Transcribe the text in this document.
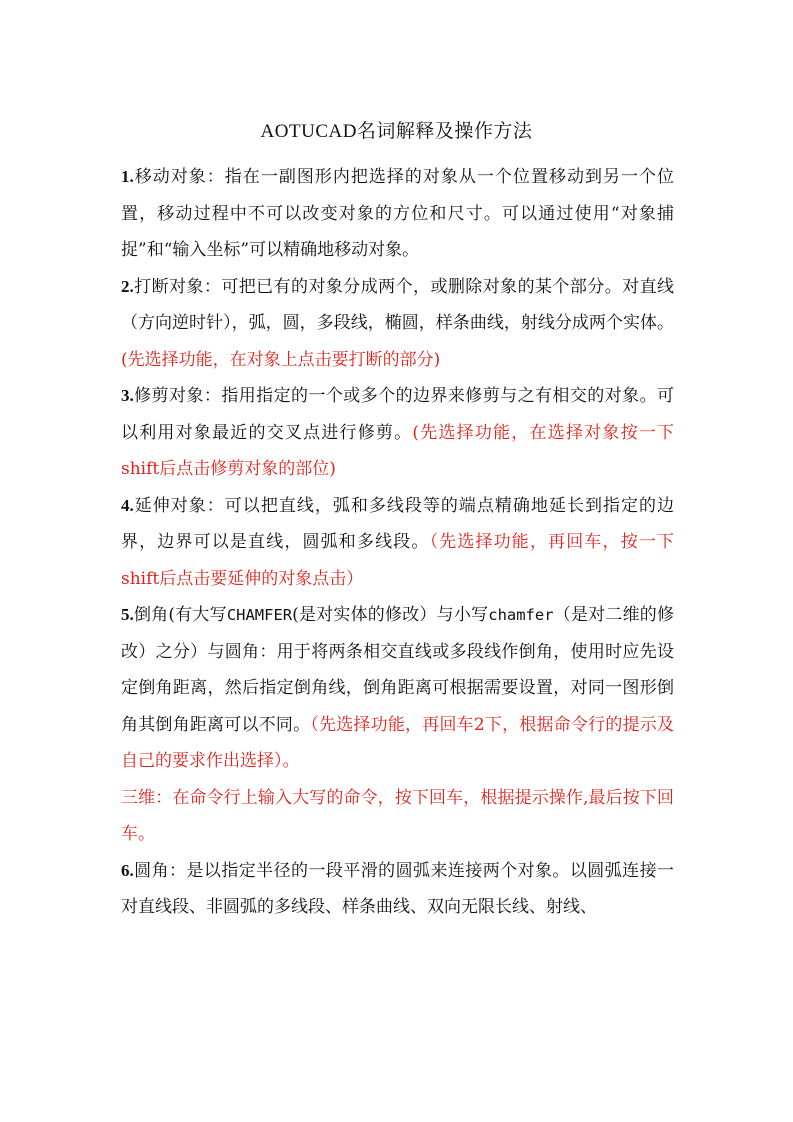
AOTUCAD名词解释及操作方法

1.移动对象：指在一副图形内把选择的对象从一个位置移动到另一个位置，移动过程中不可以改变对象的方位和尺寸。可以通过使用“对象捕捉”和“输入坐标”可以精确地移动对象。

2.打断对象：可把已有的对象分成两个，或删除对象的某个部分。对直线（方向逆时针），弧，圆，多段线，椭圆，样条曲线，射线分成两个实体。(先选择功能，在对象上点击要打断的部分)

3.修剪对象：指用指定的一个或多个的边界来修剪与之有相交的对象。可以利用对象最近的交叉点进行修剪。(先选择功能，在选择对象按一下shift后点击修剪对象的部位)

4.延伸对象：可以把直线，弧和多线段等的端点精确地延长到指定的边界，边界可以是直线，圆弧和多线段。（先选择功能，再回车，按一下shift后点击要延伸的对象点击）

5.倒角(有大写CHAMFER(是对实体的修改）与小写chamfer（是对二维的修改）之分）与圆角：用于将两条相交直线或多段线作倒角，使用时应先设定倒角距离，然后指定倒角线，倒角距离可根据需要设置，对同一图形倒角其倒角距离可以不同。（先选择功能，再回车2下，根据命令行的提示及自己的要求作出选择）。

三维：在命令行上输入大写的命令，按下回车，根据提示操作,最后按下回车。

6.圆角：是以指定半径的一段平滑的圆弧来连接两个对象。以圆弧连接一对直线段、非圆弧的多线段、样条曲线、双向无限长线、射线、
